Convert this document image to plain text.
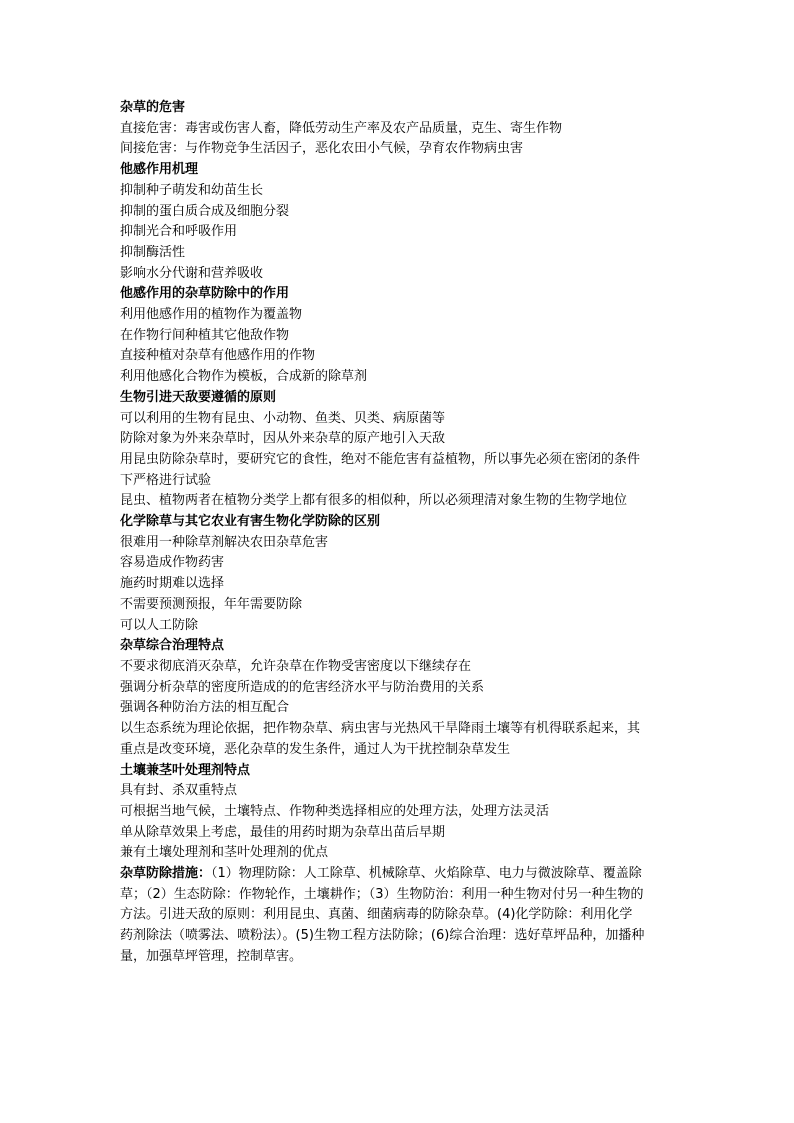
杂草的危害
直接危害：毒害或伤害人畜，降低劳动生产率及农产品质量，克生、寄生作物
间接危害：与作物竞争生活因子，恶化农田小气候，孕育农作物病虫害
他感作用机理
抑制种子萌发和幼苗生长
抑制的蛋白质合成及细胞分裂
抑制光合和呼吸作用
抑制酶活性
影响水分代谢和营养吸收
他感作用的杂草防除中的作用
利用他感作用的植物作为覆盖物
在作物行间种植其它他敌作物
直接种植对杂草有他感作用的作物
利用他感化合物作为模板，合成新的除草剂
生物引进天敌要遵循的原则
可以利用的生物有昆虫、小动物、鱼类、贝类、病原菌等
防除对象为外来杂草时，因从外来杂草的原产地引入天敌
用昆虫防除杂草时，要研究它的食性，绝对不能危害有益植物，所以事先必须在密闭的条件
下严格进行试验
昆虫、植物两者在植物分类学上都有很多的相似种，所以必须理清对象生物的生物学地位
化学除草与其它农业有害生物化学防除的区别
很难用一种除草剂解决农田杂草危害
容易造成作物药害
施药时期难以选择
不需要预测预报，年年需要防除
可以人工防除
杂草综合治理特点
不要求彻底消灭杂草，允许杂草在作物受害密度以下继续存在
强调分析杂草的密度所造成的的危害经济水平与防治费用的关系
强调各种防治方法的相互配合
以生态系统为理论依据，把作物杂草、病虫害与光热风干旱降雨土壤等有机得联系起来，其
重点是改变环境，恶化杂草的发生条件，通过人为干扰控制杂草发生
土壤兼茎叶处理剂特点
具有封、杀双重特点
可根据当地气候，土壤特点、作物种类选择相应的处理方法，处理方法灵活
单从除草效果上考虑，最佳的用药时期为杂草出苗后早期
兼有土壤处理剂和茎叶处理剂的优点
杂草防除措施：（1）物理防除：人工除草、机械除草、火焰除草、电力与微波除草、覆盖除
草；（2）生态防除：作物轮作，土壤耕作；（3）生物防治：利用一种生物对付另一种生物的
方法。引进天敌的原则：利用昆虫、真菌、细菌病毒的防除杂草。(4)化学防除：利用化学
药剂除法（喷雾法、喷粉法）。(5)生物工程方法防除；(6)综合治理：选好草坪品种，加播种
量，加强草坪管理，控制草害。
